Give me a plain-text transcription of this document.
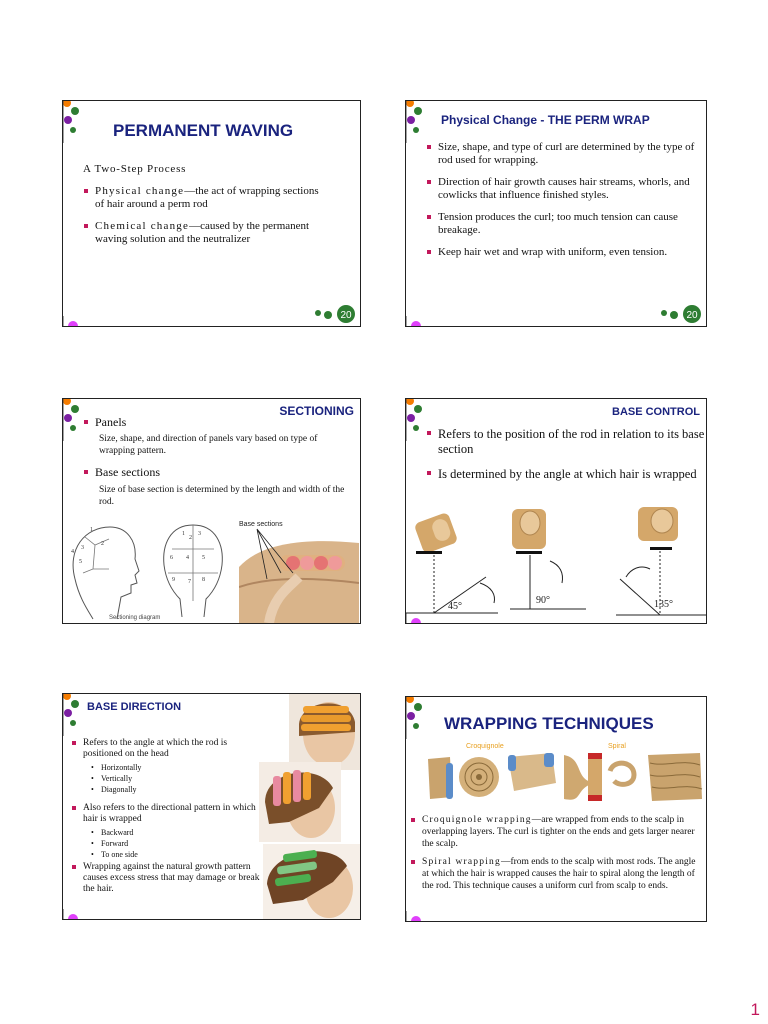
PERMANENT WAVING
A Two-Step Process
Physical change—the act of wrapping sections of hair around a perm rod
Chemical change—caused by the permanent waving solution and the neutralizer
20
Physical Change - THE PERM WRAP
Size, shape, and type of curl are determined by the type of rod used for wrapping.
Direction of hair growth causes hair streams, whorls, and cowlicks that influence finished styles.
Tension produces the curl; too much tension can cause breakage.
Keep hair wet and wrap with uniform, even tension.
20
SECTIONING
Panels
Size, shape, and direction of panels vary based on type of wrapping pattern.
Base sections
Size of base section is determined by the length and width of the rod.
1
2
3
4
5
1
2
3
4 5
6
7 8
9
Base sections
Sectioning diagram
BASE CONTROL
Refers to the position of the rod in relation to its base section
Is determined by the angle at which hair is wrapped
45°
90°	135°
BASE DIRECTION
Refers to the angle at which the rod is positioned on the head
• Horizontally
• Vertically
• Diagonally
Also refers to the directional pattern in which hair is wrapped
• Backward
• Forward
• To one side
Wrapping against the natural growth pattern causes excess stress that may damage or break the hair.
WRAPPING TECHNIQUES
Croquignole	Spiral
Croquignole wrapping—are wrapped from ends to the scalp in overlapping layers. The curl is tighter on the ends and gets larger nearer the scalp.
Spiral wrapping—from ends to the scalp with most rods. The angle at which the hair is wrapped causes the hair to spiral along the length of the rod. This technique causes a uniform curl from scalp to ends.
1
